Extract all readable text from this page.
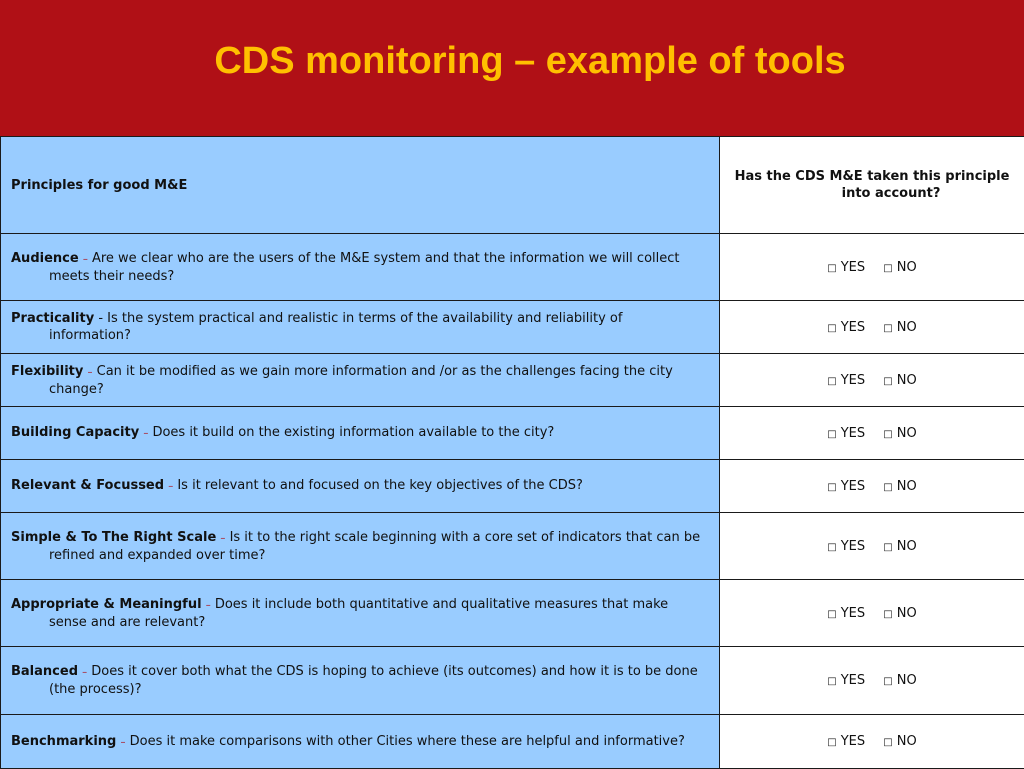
CDS monitoring – example of tools
Principles for good M&E	Has the CDS M&E taken this principle into account?

Audience – Are we clear who are the users of the M&E system and that the information we will collect meets their needs?	□ YES □ NO

Practicality - Is the system practical and realistic in terms of the availability and reliability of information?	□ YES □ NO

Flexibility – Can it be modified as we gain more information and /or as the challenges facing the city change?	□ YES □ NO

Building Capacity – Does it build on the existing information available to the city?	□ YES □ NO

Relevant & Focussed – Is it relevant to and focused on the key objectives of the CDS?	□ YES □ NO

Simple & To The Right Scale – Is it to the right scale beginning with a core set of indicators that can be refined and expanded over time?	□ YES □ NO

Appropriate & Meaningful – Does it include both quantitative and qualitative measures that make sense and are relevant?	□ YES □ NO

Balanced – Does it cover both what the CDS is hoping to achieve (its outcomes) and how it is to be done (the process)?	□ YES □ NO

Benchmarking – Does it make comparisons with other Cities where these are helpful and informative?	□ YES □ NO
